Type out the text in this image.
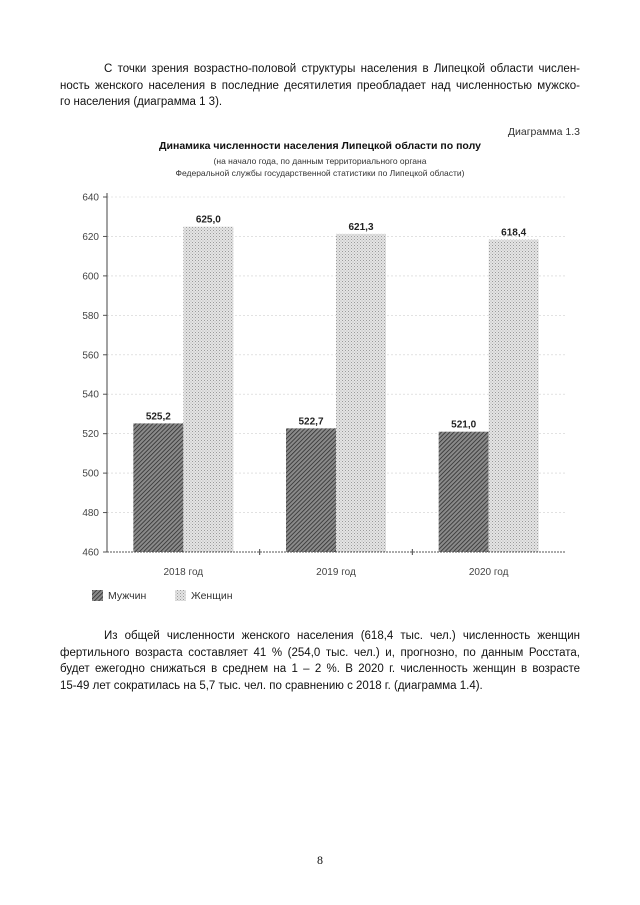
С точки зрения возрастно-половой структуры населения в Липецкой области числен-
ность женского населения в последние десятилетия преобладает над численностью мужско-
го населения (диаграмма 1 3).
Диаграмма 1.3
Динамика численности населения Липецкой области по полу
(на начало года, по данным территориального органа
Федеральной службы государственной статистики по Липецкой области)
525,2
625,0
522,7
621,3
521,0
618,4
460
480
500
520
540
560
580
600
620
640
2018 год	2019 год	2020 год
Мужчин	Женщин
Из общей численности женского населения (618,4 тыс. чел.) численность женщин
фертильного возраста составляет 41 % (254,0 тыс. чел.) и, прогнозно, по данным Росстата,
будет ежегодно снижаться в среднем на 1 – 2 %. В 2020 г. численность женщин в возрасте
15-49 лет сократилась на 5,7 тыс. чел. по сравнению с 2018 г. (диаграмма 1.4).
8
